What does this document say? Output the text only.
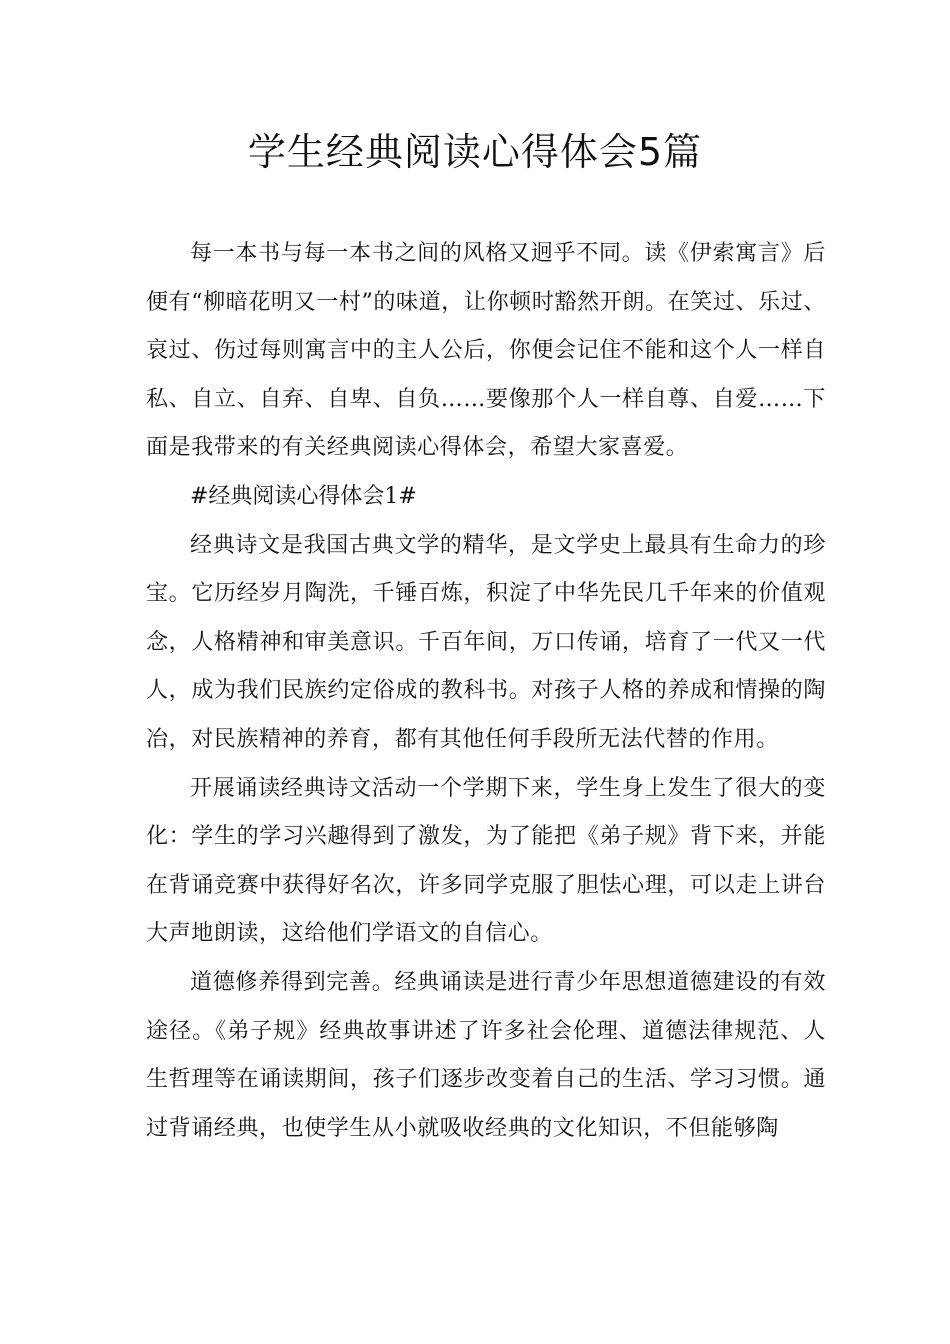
学生经典阅读心得体会5篇

每一本书与每一本书之间的风格又迥乎不同。读《伊索寓言》后便有“柳暗花明又一村”的味道，让你顿时豁然开朗。在笑过、乐过、哀过、伤过每则寓言中的主人公后，你便会记住不能和这个人一样自私、自立、自弃、自卑、自负……要像那个人一样自尊、自爱……下面是我带来的有关经典阅读心得体会，希望大家喜爱。

#经典阅读心得体会1#

经典诗文是我国古典文学的精华，是文学史上最具有生命力的珍宝。它历经岁月陶洗，千锤百炼，积淀了中华先民几千年来的价值观念，人格精神和审美意识。千百年间，万口传诵，培育了一代又一代人，成为我们民族约定俗成的教科书。对孩子人格的养成和情操的陶冶，对民族精神的养育，都有其他任何手段所无法代替的作用。

开展诵读经典诗文活动一个学期下来，学生身上发生了很大的变化：学生的学习兴趣得到了激发，为了能把《弟子规》背下来，并能在背诵竞赛中获得好名次，许多同学克服了胆怯心理，可以走上讲台大声地朗读，这给他们学语文的自信心。

道德修养得到完善。经典诵读是进行青少年思想道德建设的有效途径。《弟子规》经典故事讲述了许多社会伦理、道德法律规范、人生哲理等在诵读期间，孩子们逐步改变着自己的生活、学习习惯。通过背诵经典，也使学生从小就吸收经典的文化知识，不但能够陶
